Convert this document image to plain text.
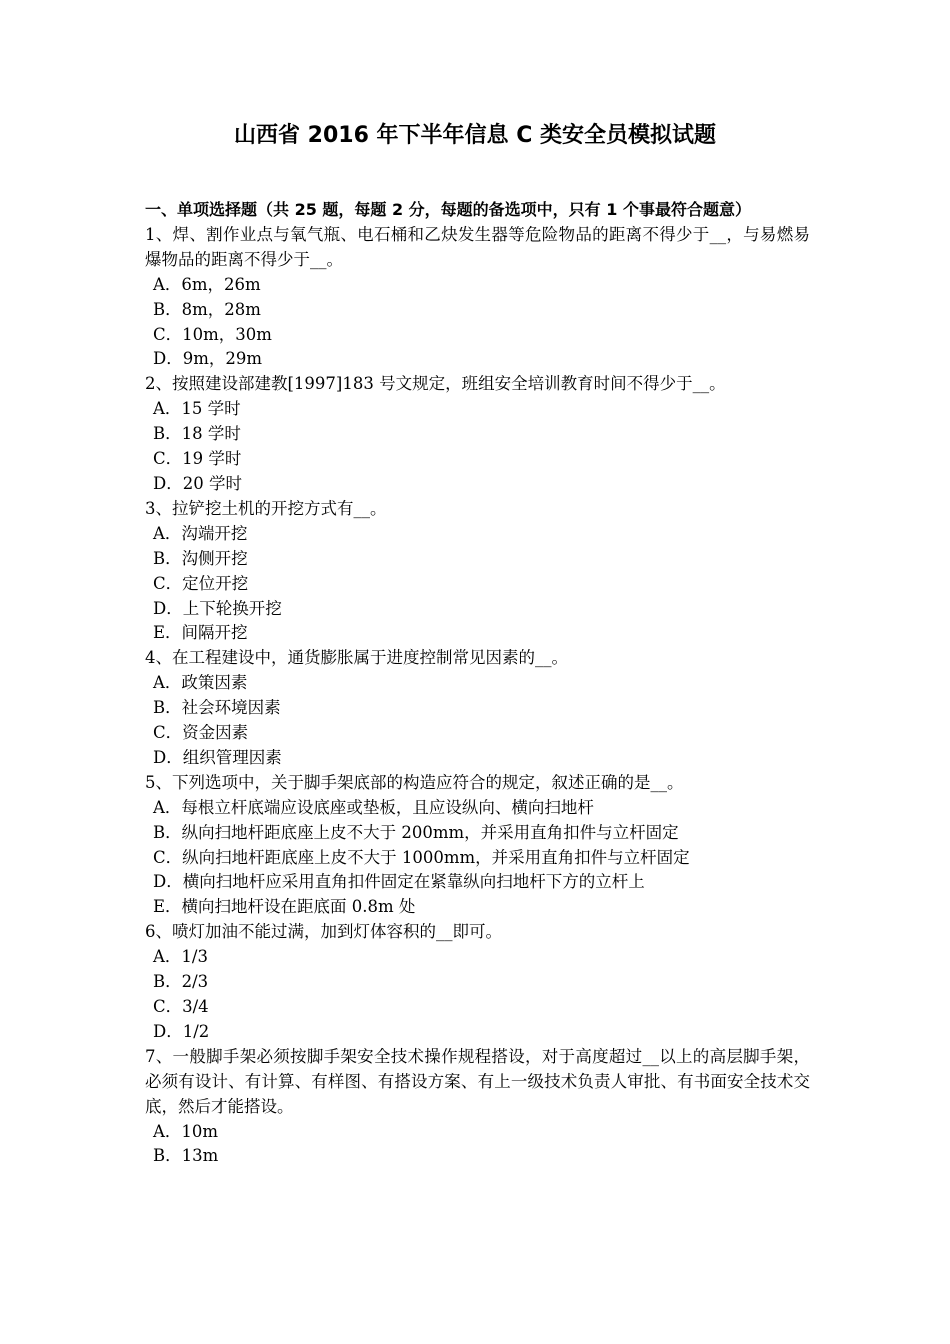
山西省 2016 年下半年信息 C 类安全员模拟试题
一、单项选择题（共 25 题，每题 2 分，每题的备选项中，只有 1 个事最符合题意）
1、焊、割作业点与氧气瓶、电石桶和乙炔发生器等危险物品的距离不得少于__，与易燃易爆物品的距离不得少于__。
A．6m，26m
B．8m，28m
C．10m，30m
D．9m，29m
2、按照建设部建教[1997]183 号文规定，班组安全培训教育时间不得少于__。
A．15 学时
B．18 学时
C．19 学时
D．20 学时
3、拉铲挖土机的开挖方式有__。
A．沟端开挖
B．沟侧开挖
C．定位开挖
D．上下轮换开挖
E．间隔开挖
4、在工程建设中，通货膨胀属于进度控制常见因素的__。
A．政策因素
B．社会环境因素
C．资金因素
D．组织管理因素
5、下列选项中，关于脚手架底部的构造应符合的规定，叙述正确的是__。
A．每根立杆底端应设底座或垫板，且应设纵向、横向扫地杆
B．纵向扫地杆距底座上皮不大于 200mm，并采用直角扣件与立杆固定
C．纵向扫地杆距底座上皮不大于 1000mm，并采用直角扣件与立杆固定
D．横向扫地杆应采用直角扣件固定在紧靠纵向扫地杆下方的立杆上
E．横向扫地杆设在距底面 0.8m 处
6、喷灯加油不能过满，加到灯体容积的__即可。
A．1/3
B．2/3
C．3/4
D．1/2
7、一般脚手架必须按脚手架安全技术操作规程搭设，对于高度超过__以上的高层脚手架，必须有设计、有计算、有样图、有搭设方案、有上一级技术负责人审批、有书面安全技术交底，然后才能搭设。
A．10m
B．13m
